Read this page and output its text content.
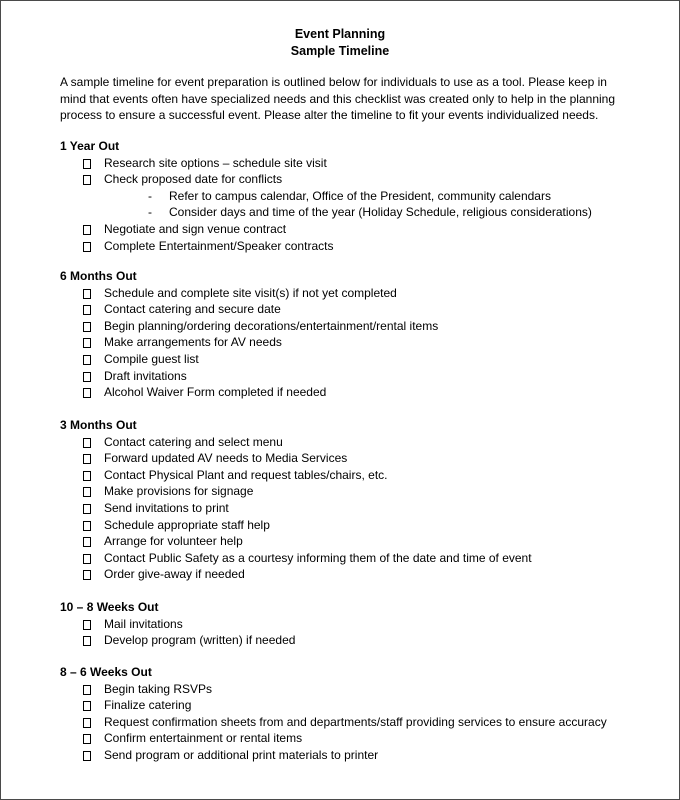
Event Planning
Sample Timeline
A sample timeline for event preparation is outlined below for individuals to use as a tool. Please keep in mind that events often have specialized needs and this checklist was created only to help in the planning process to ensure a successful event. Please alter the timeline to fit your events individualized needs.
1 Year Out
Research site options – schedule site visit
Check proposed date for conflicts
- Refer to campus calendar, Office of the President, community calendars
- Consider days and time of the year (Holiday Schedule, religious considerations)
Negotiate and sign venue contract
Complete Entertainment/Speaker contracts
6 Months Out
Schedule and complete site visit(s) if not yet completed
Contact catering and secure date
Begin planning/ordering decorations/entertainment/rental items
Make arrangements for AV needs
Compile guest list
Draft invitations
Alcohol Waiver Form completed if needed
3 Months Out
Contact catering and select menu
Forward updated AV needs to Media Services
Contact Physical Plant and request tables/chairs, etc.
Make provisions for signage
Send invitations to print
Schedule appropriate staff help
Arrange for volunteer help
Contact Public Safety as a courtesy informing them of the date and time of event
Order give-away if needed
10 – 8 Weeks Out
Mail invitations
Develop program (written) if needed
8 – 6 Weeks Out
Begin taking RSVPs
Finalize catering
Request confirmation sheets from and departments/staff providing services to ensure accuracy
Confirm entertainment or rental items
Send program or additional print materials to printer
